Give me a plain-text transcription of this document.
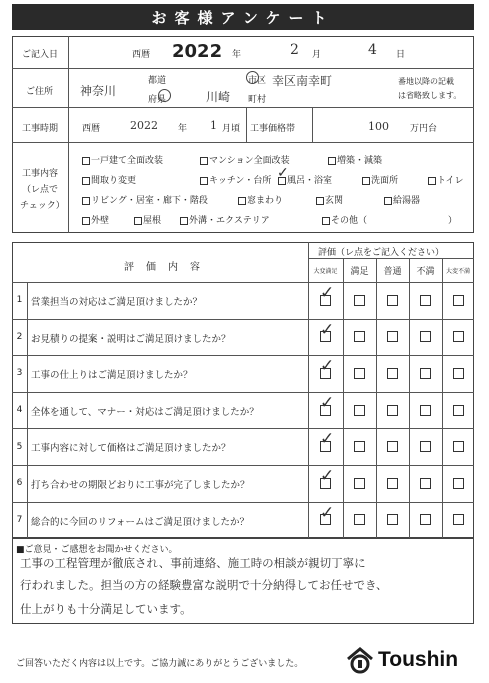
お客様アンケート
ご記入日	西暦 2022 年	2 月	4 日
ご住所 神奈川
都道
府県	川崎
市区 幸区南幸町
町村
番地以降の記載
は省略致します。
工事時期	西暦	2022 年 1 月頃 工事価格帯	100 万円台
工事内容
（レ点で
チェック）
一戸建て全面改装	マンション全面改装	増築・減築
間取り変更	キッチン・台所 ✓
風呂・浴室	洗面所	トイレ
リビング・居室・廊下・階段	窓まわり	玄関	給湯器
外壁	屋根	外溝・エクステリア	その他（	）
評　価　内　容
評価（レ点をご記入ください）
大変満足	満足	普通	不満	大変不満
1 営業担当の対応はご満足頂けましたか？	✓
2 お見積りの提案・説明はご満足頂けましたか？	✓
3 工事の仕上りはご満足頂けましたか？	✓
4 全体を通して、マナー・対応はご満足頂けましたか？	✓
5 工事内容に対して価格はご満足頂けましたか？	✓
6 打ち合わせの期限どおりに工事が完了しましたか？	✓
7 総合的に今回のリフォームはご満足頂けましたか？	✓
■ご意見・ご感想をお聞かせください。
工事の工程管理が徹底され、事前連絡、施工時の相談が親切丁寧に
行われました。担当の方の経験豊富な説明で十分納得してお任せでき、
仕上がりも十分満足しています。
ご回答いただく内容は以上です。ご協力誠にありがとうございました。	Toushin
